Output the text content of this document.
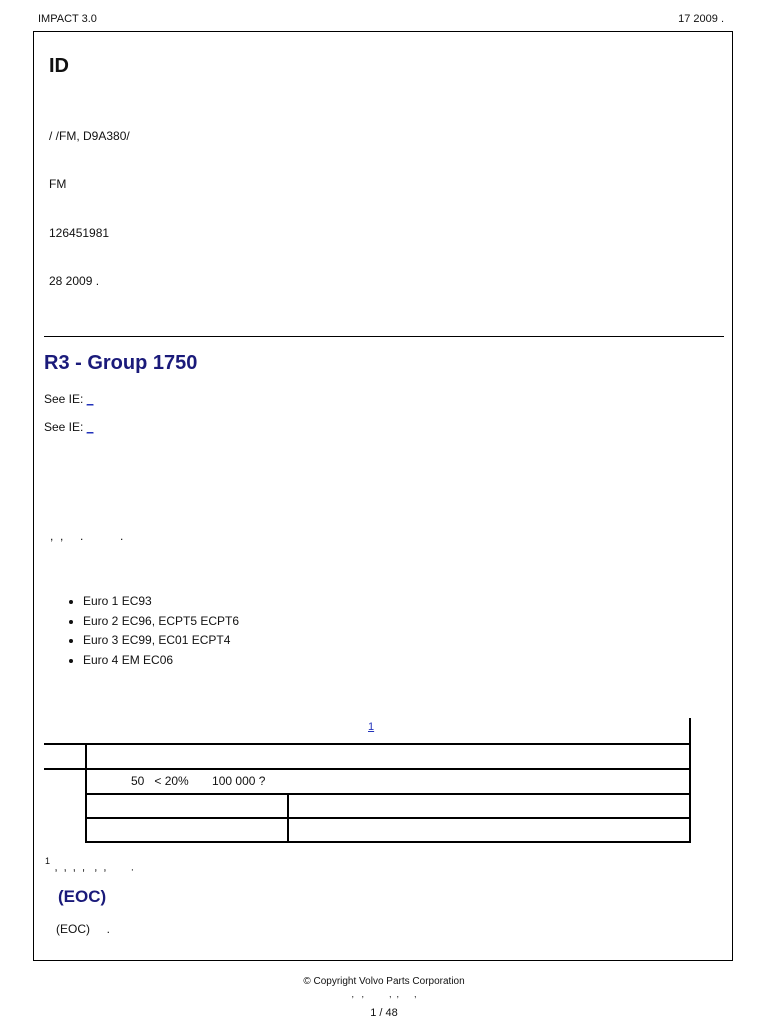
IMPACT 3.0	17 2009 .
ID
/ /FM, D9A380/
FM
126451981
28 2009 .
R3 - Group 1750
See IE: _
See IE: _
,  ,     .           .
• Euro 1 EC93
• Euro 2 EC96, ECPT5 ECPT6
• Euro 3 EC99, EC01 ECPT4
• Euro 4 EM EC06
1
50   < 20%       100 000 ?
$^1$ ,  ,  ,  ,   ,  ,        .
(EOC)
(EOC)     .
© Copyright Volvo Parts Corporation
,   ,          ,  ,      ,
1 / 48
